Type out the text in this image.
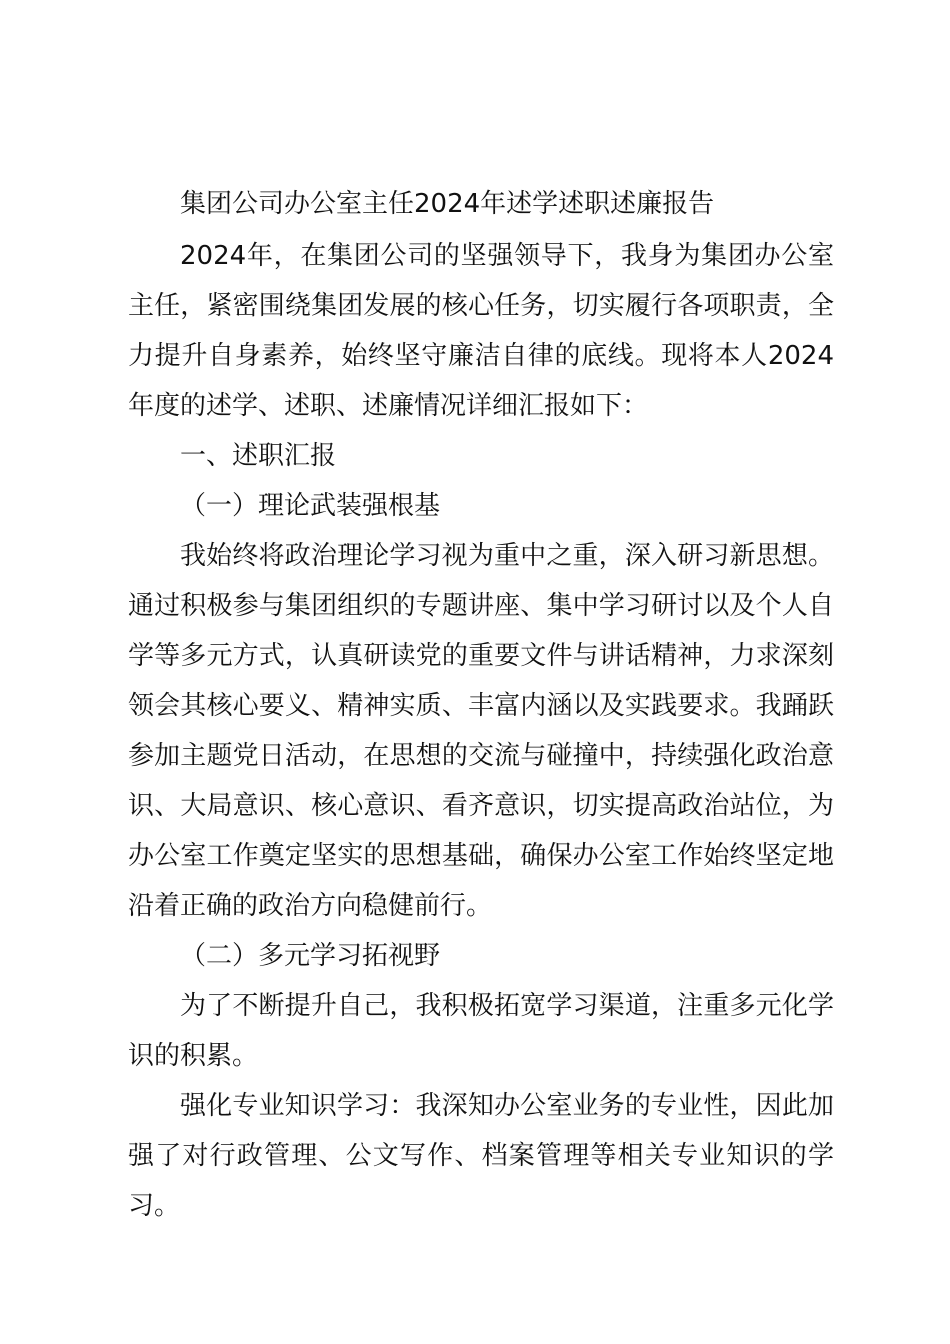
集团公司办公室主任2024年述学述职述廉报告

2024年，在集团公司的坚强领导下，我身为集团办公室主任，紧密围绕集团发展的核心任务，切实履行各项职责，全力提升自身素养，始终坚守廉洁自律的底线。现将本人2024年度的述学、述职、述廉情况详细汇报如下：

一、述职汇报

（一）理论武装强根基

我始终将政治理论学习视为重中之重，深入研习新思想。通过积极参与集团组织的专题讲座、集中学习研讨以及个人自学等多元方式，认真研读党的重要文件与讲话精神，力求深刻领会其核心要义、精神实质、丰富内涵以及实践要求。我踊跃参加主题党日活动，在思想的交流与碰撞中，持续强化政治意识、大局意识、核心意识、看齐意识，切实提高政治站位，为办公室工作奠定坚实的思想基础，确保办公室工作始终坚定地沿着正确的政治方向稳健前行。

（二）多元学习拓视野

为了不断提升自己，我积极拓宽学习渠道，注重多元化学识的积累。

强化专业知识学习：我深知办公室业务的专业性，因此加强了对行政管理、公文写作、档案管理等相关专业知识的学习。
